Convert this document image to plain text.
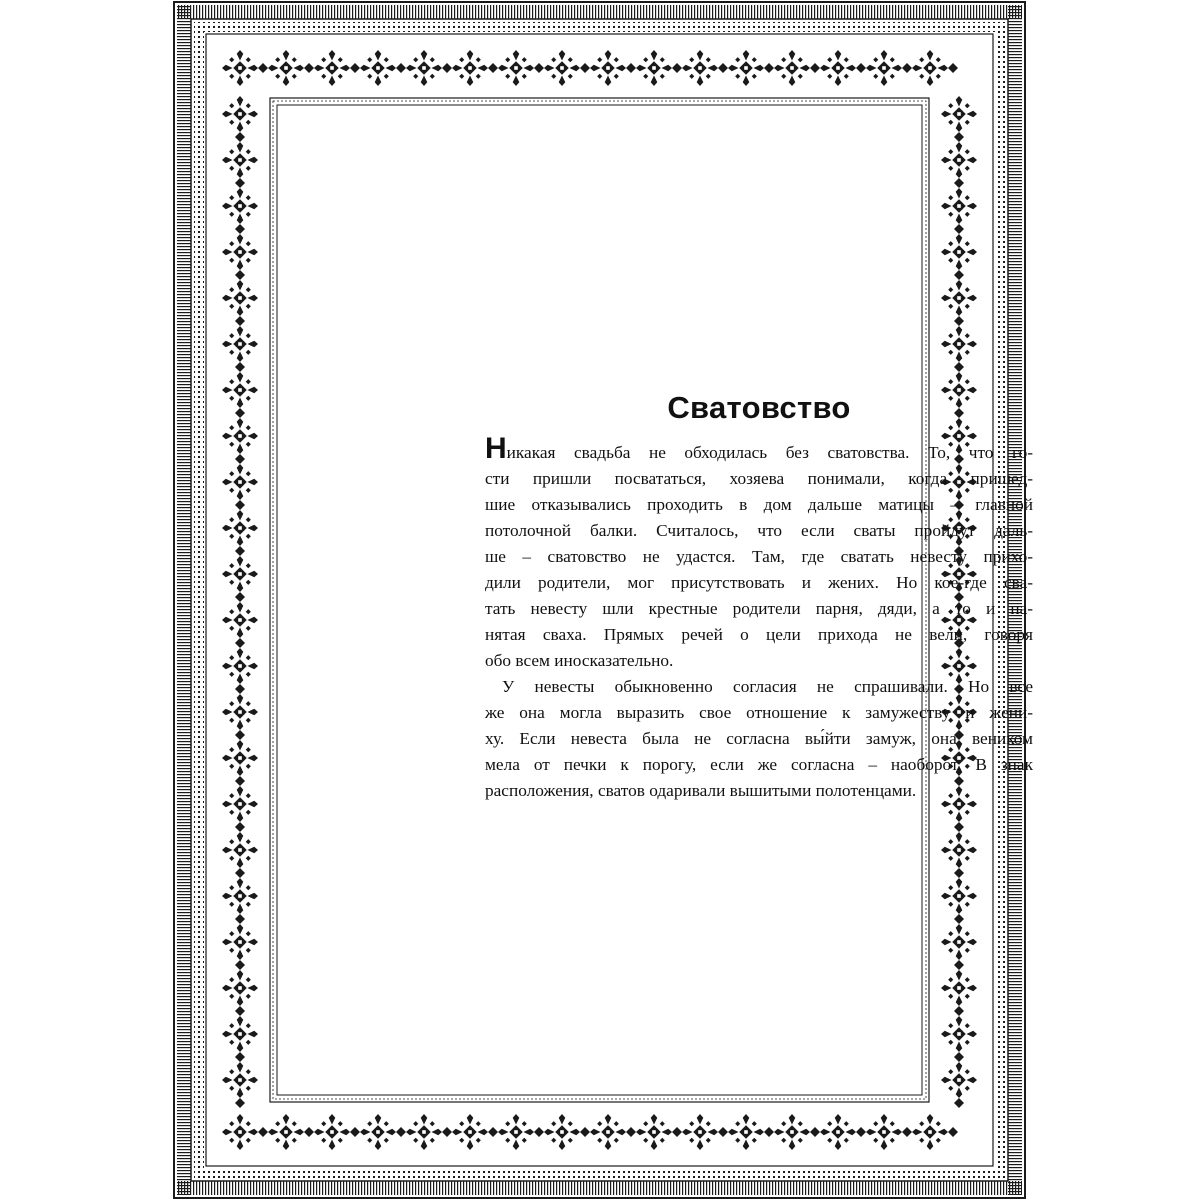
Сватовство
Никакая свадьба не обходилась без сватовства. То, что го-
сти пришли посвататься, хозяева понимали, когда пришед-
шие отказывались проходить в дом дальше матицы – главной
потолочной балки. Считалось, что если сваты пройдут даль-
ше – сватовство не удастся. Там, где сватать невесту прихо-
дили родители, мог присутствовать и жених. Но кое-где сва-
тать невесту шли крестные родители парня, дяди, а то и на-
нятая сваха. Прямых речей о цели прихода не вели, говоря
обо всем иносказательно.
У невесты обыкновенно согласия не спрашивали. Но все
же она могла выразить свое отношение к замужеству и жени-
ху. Если невеста была не согласна вы́йти замуж, она веником
мела от печки к порогу, если же согласна – наоборот. В знак
расположения, сватов одаривали вышитыми полотенцами.
